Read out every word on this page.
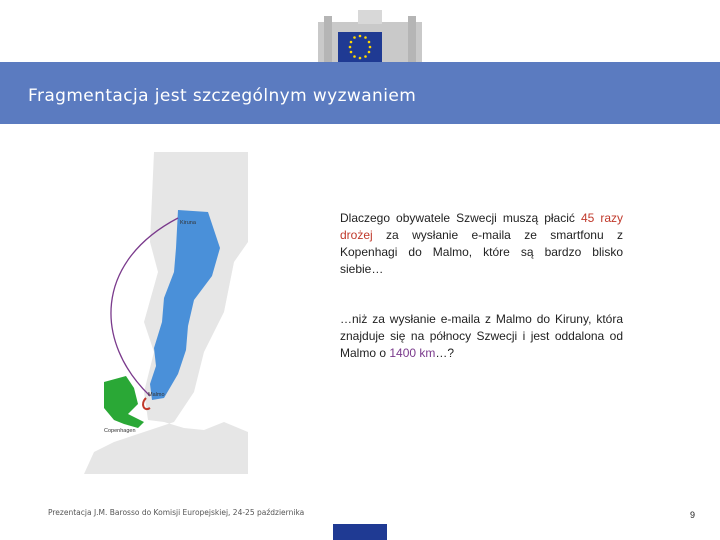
Fragmentacja jest szczególnym wyzwaniem
Kiruna
Malmo
Copenhagen
Dlaczego obywatele Szwecji muszą płacić 45 razy drożej za wysłanie e-maila ze smartfonu z Kopenhagi do Malmo, które są bardzo blisko siebie…
…niż za wysłanie e-maila z Malmo do Kiruny, która znajduje się na północy Szwecji i jest oddalona od Malmo o 1400 km…?
Prezentacja J.M. Barosso do Komisji Europejskiej, 24-25 października	9
